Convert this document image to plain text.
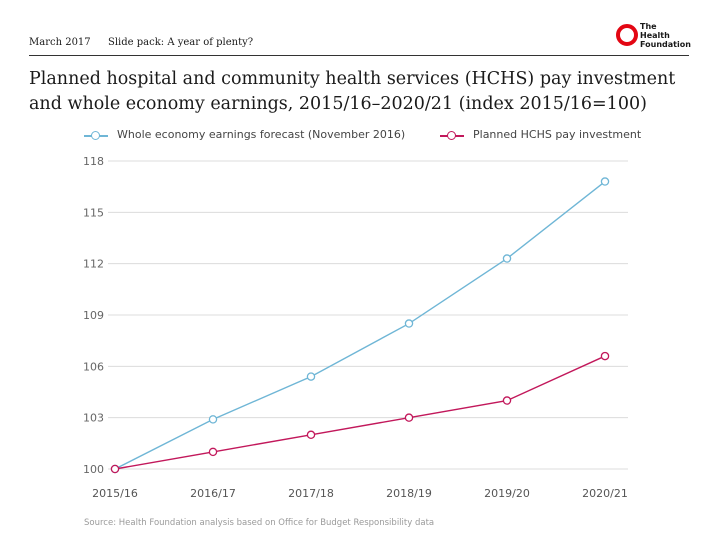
March 2017 Slide pack: A year of plenty?
The
Health
Foundation
Planned hospital and community health services (HCHS) pay investment and whole economy earnings, 2015/16–2020/21 (index 2015/16=100)
Whole economy earnings forecast (November 2016)	Planned HCHS pay investment
100
103
106
109
112
115
118
2015/16	2016/17	2017/18	2018/19	2019/20	2020/21
Source: Health Foundation analysis based on Office for Budget Responsibility data
